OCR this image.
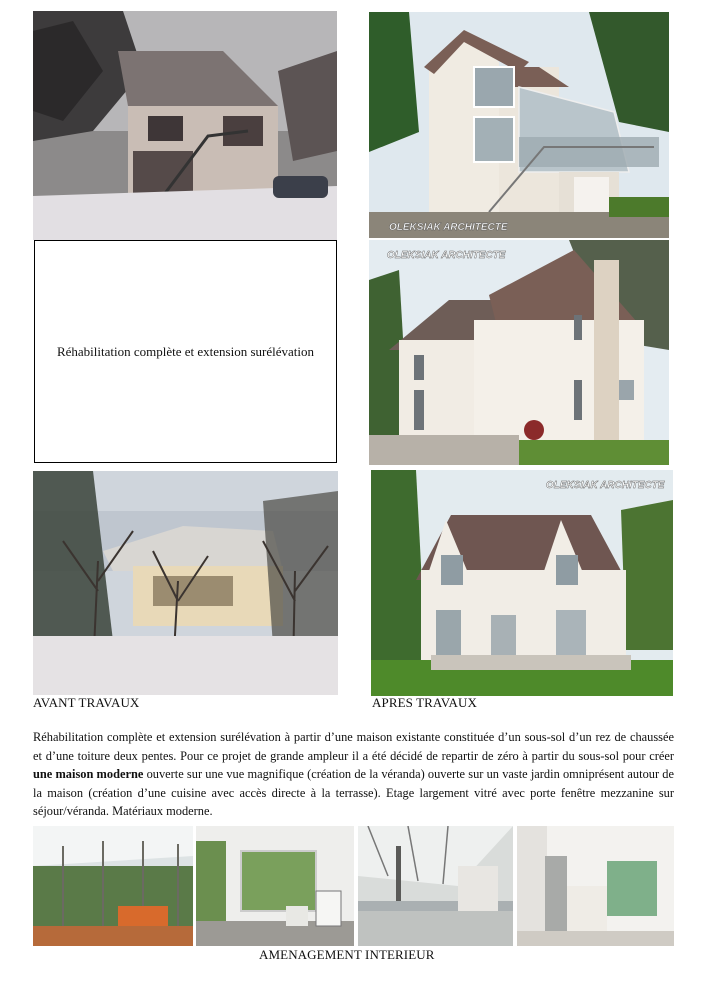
OLEKSIAK ARCHITECTE
Réhabilitation complète et extension surélévation
OLEKSIAK ARCHITECTE
OLEKSIAK ARCHITECTE
AVANT TRAVAUX	APRES TRAVAUX

Réhabilitation complète et extension surélévation à partir d’une maison existante constituée d’un sous-sol d’un rez de chaussée et d’une toiture deux pentes. Pour ce projet de grande ampleur il a été décidé de repartir de zéro à partir du sous-sol pour créer une maison moderne ouverte sur une vue magnifique (création de la véranda) ouverte sur un vaste jardin omniprésent autour de la maison (création d’une cuisine avec accès directe à la terrasse). Etage largement vitré avec porte fenêtre mezzanine sur séjour/véranda. Matériaux moderne.

AMENAGEMENT INTERIEUR
